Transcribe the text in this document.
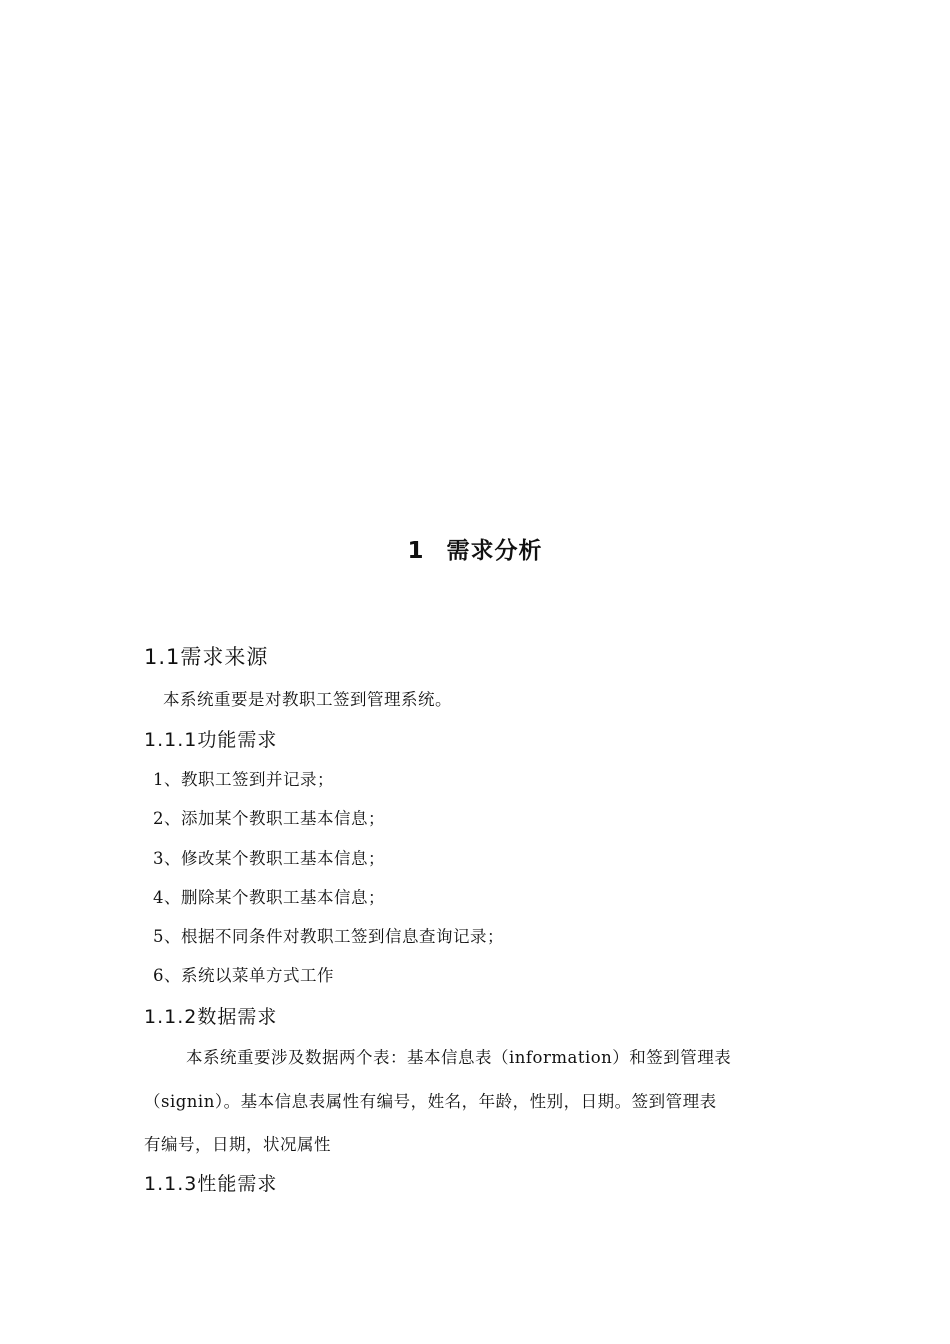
1 需求分析
1.1需求来源
本系统重要是对教职工签到管理系统。
1.1.1功能需求
1、教职工签到并记录；
2、添加某个教职工基本信息；
3、修改某个教职工基本信息；
4、删除某个教职工基本信息；
5、根据不同条件对教职工签到信息查询记录；
6、系统以菜单方式工作
1.1.2数据需求
本系统重要涉及数据两个表：基本信息表（information）和签到管理表
（signin）。基本信息表属性有编号，姓名，年龄，性别，日期。签到管理表
有编号，日期，状况属性
1.1.3性能需求
